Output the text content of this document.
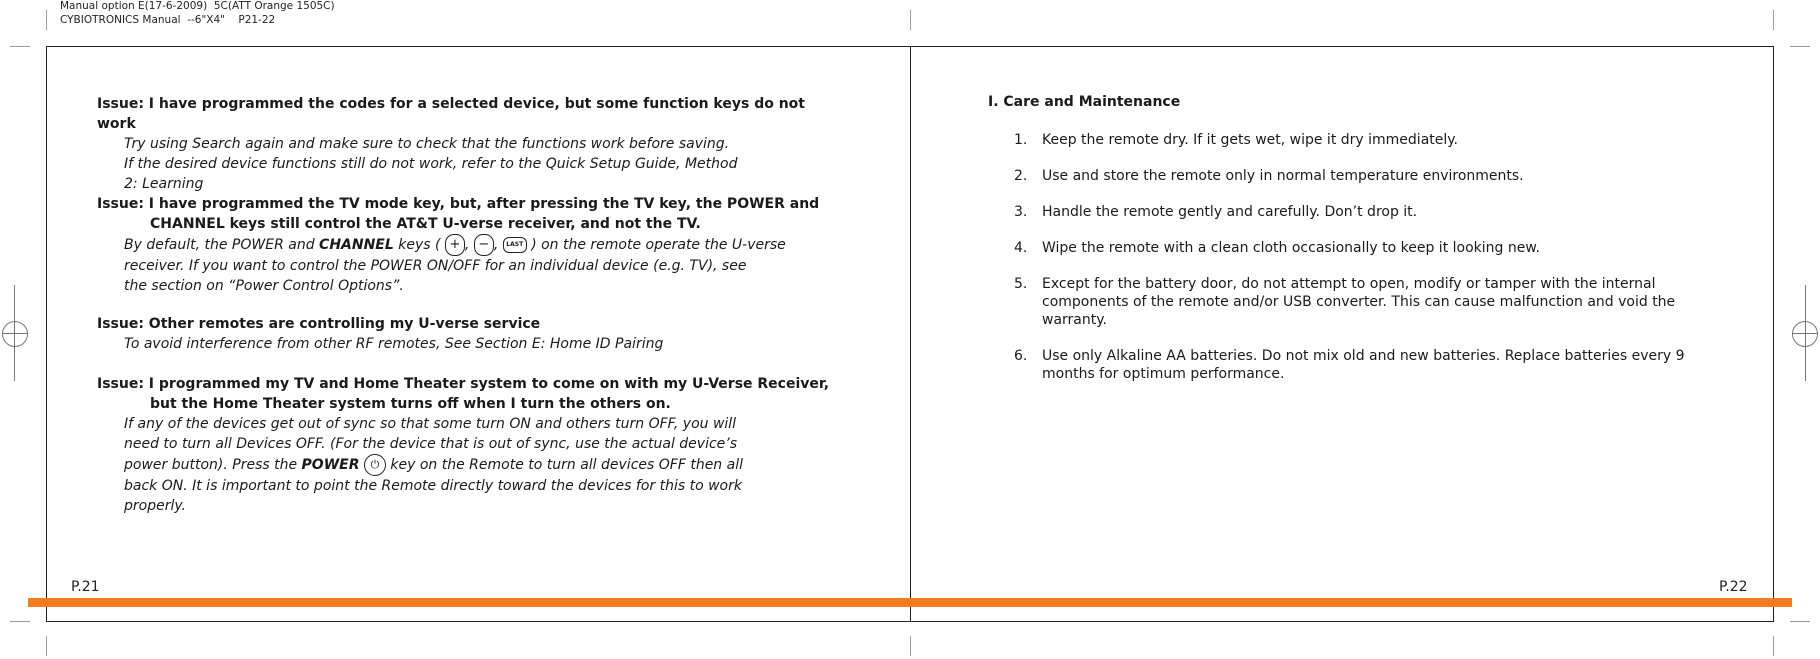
Manual option E(17-6-2009)  5C(ATT Orange 1505C)
CYBIOTRONICS Manual  --6"X4"    P21-22

Issue: I have programmed the codes for a selected device, but some function keys do not work

Try using Search again and make sure to check that the functions work before saving.

If the desired device functions still do not work, refer to the Quick Setup Guide, Method

2: Learning

Issue: I have programmed the TV mode key, but, after pressing the TV key, the POWER and

CHANNEL keys still control the AT&T U-verse receiver, and not the TV.

By default, the POWER and CHANNEL keys ( + , − , LAST ) on the remote operate the U-verse

receiver. If you want to control the POWER ON/OFF for an individual device (e.g. TV), see

the section on “Power Control Options”.

Issue: Other remotes are controlling my U-verse service

To avoid interference from other RF remotes, See Section E: Home ID Pairing

Issue: I programmed my TV and Home Theater system to come on with my U-Verse Receiver,

but the Home Theater system turns off when I turn the others on.

If any of the devices get out of sync so that some turn ON and others turn OFF, you will

need to turn all Devices OFF. (For the device that is out of sync, use the actual device’s

power button). Press the POWER ⏻ key on the Remote to turn all devices OFF then all

back ON. It is important to point the Remote directly toward the devices for this to work

properly.

P.21
I. Care and Maintenance
1.	Keep the remote dry. If it gets wet, wipe it dry immediately.
2.	Use and store the remote only in normal temperature environments.
3.	Handle the remote gently and carefully. Don’t drop it.
4.	Wipe the remote with a clean cloth occasionally to keep it looking new.
5.	Except for the battery door, do not attempt to open, modify or tamper with the internal components of the remote and/or USB converter. This can cause malfunction and void the warranty.
6.	Use only Alkaline AA batteries. Do not mix old and new batteries. Replace batteries every 9 months for optimum performance.
P.22
